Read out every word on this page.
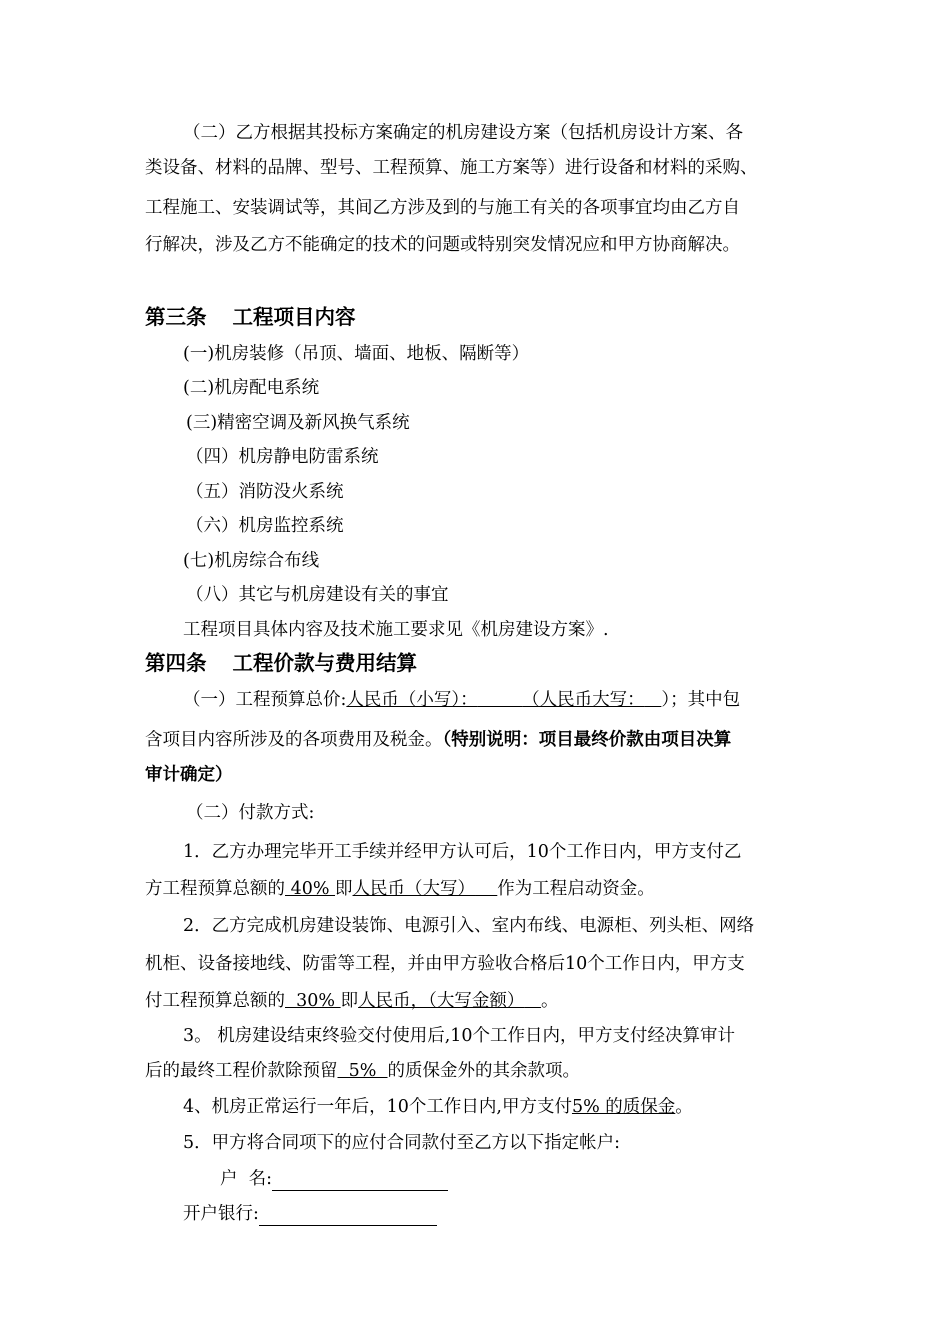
（二）乙方根据其投标方案确定的机房建设方案（包括机房设计方案、各
类设备、材料的品牌、型号、工程预算、施工方案等）进行设备和材料的采购、
工程施工、安装调试等，其间乙方涉及到的与施工有关的各项事宜均由乙方自
行解决，涉及乙方不能确定的技术的问题或特别突发情况应和甲方协商解决。
第三条 工程项目内容
(一)机房装修（吊顶、墙面、地板、隔断等）
(二)机房配电系统
(三)精密空调及新风换气系统
（四）机房静电防雷系统
（五）消防没火系统
（六）机房监控系统
(七)机房综合布线
（八）其它与机房建设有关的事宜
工程项目具体内容及技术施工要求见《机房建设方案》.
第四条 工程价款与费用结算
（一）工程预算总价:人民币（小写）：	（人民币大写： ）；其中包
含项目内容所涉及的各项费用及税金。（特别说明：项目最终价款由项目决算
审计确定）
（二）付款方式:
1．乙方办理完毕开工手续并经甲方认可后，10个工作日内，甲方支付乙
方工程预算总额的 40% 即人民币（大写） 作为工程启动资金。
2．乙方完成机房建设装饰、电源引入、室内布线、电源柜、列头柜、网络
机柜、设备接地线、防雷等工程，并由甲方验收合格后10个工作日内，甲方支
付工程预算总额的  30% 即人民币，（大写金额） 。
3。 机房建设结束终验交付使用后,10个工作日内，甲方支付经决算审计
后的最终工程价款除预留  5%  的质保金外的其余款项。
4、机房正常运行一年后，10个工作日内,甲方支付5% 的质保金。
5．甲方将合同项下的应付合同款付至乙方以下指定帐户:
户  名:
开户银行:
